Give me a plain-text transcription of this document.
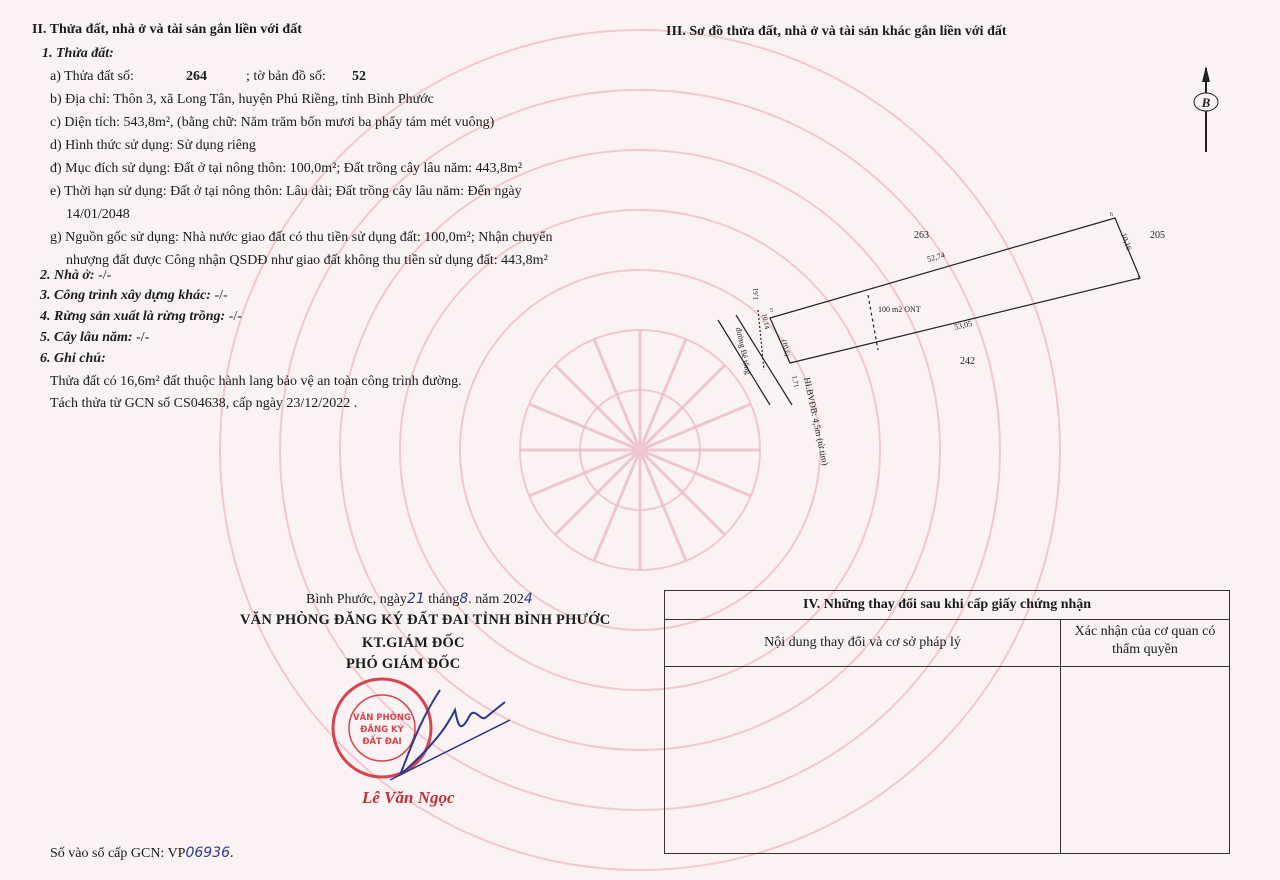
II. Thửa đất, nhà ở và tài sản gắn liền với đất
1. Thửa đất:
a) Thửa đất số:	264	; tờ bản đồ số: 52
b) Địa chỉ: Thôn 3, xã Long Tân, huyện Phú Riềng, tỉnh Bình Phước
c) Diện tích: 543,8m², (bằng chữ: Năm trăm bốn mươi ba phẩy tám mét vuông)
d) Hình thức sử dụng: Sử dụng riêng
đ) Mục đích sử dụng: Đất ở tại nông thôn: 100,0m²; Đất trồng cây lâu năm: 443,8m²
e) Thời hạn sử dụng: Đất ở tại nông thôn: Lâu dài; Đất trồng cây lâu năm: Đến ngày
14/01/2048
g) Nguồn gốc sử dụng: Nhà nước giao đất có thu tiền sử dụng đất: 100,0m²; Nhận chuyển
nhượng đất được Công nhận QSDĐ như giao đất không thu tiền sử dụng đất: 443,8m²
2. Nhà ở: -/-
3. Công trình xây dựng khác: -/-
4. Rừng sản xuất là rừng trồng: -/-
5. Cây lâu năm: -/-
6. Ghi chú:
Thửa đất có 16,6m² đất thuộc hành lang bảo vệ an toàn công trình đường.
Tách thửa từ GCN số CS04638, cấp ngày 23/12/2022 .
III. Sơ đồ thửa đất, nhà ở và tài sản khác gắn liền với đất
B
263	205
242
52,74
53,05
10,16
100 m2 ONT
đường Bê tông
HLBVĐB: 4,5m (từ tim)
1,61
(10,6)
10,14
1,71
1
5
6
Bình Phước, ngày21 tháng8. năm 2024
VĂN PHÒNG ĐĂNG KÝ ĐẤT ĐAI TỈNH BÌNH PHƯỚC
KT.GIÁM ĐỐC
PHÓ GIÁM ĐỐC
VĂN PHÒNG
ĐĂNG KÝ
ĐẤT ĐAI
Lê Văn Ngọc
Số vào sổ cấp GCN: VP06936.
IV. Những thay đổi sau khi cấp giấy chứng nhận
Nội dung thay đổi và cơ sở pháp lý
Xác nhận của cơ quan có
thẩm quyền
